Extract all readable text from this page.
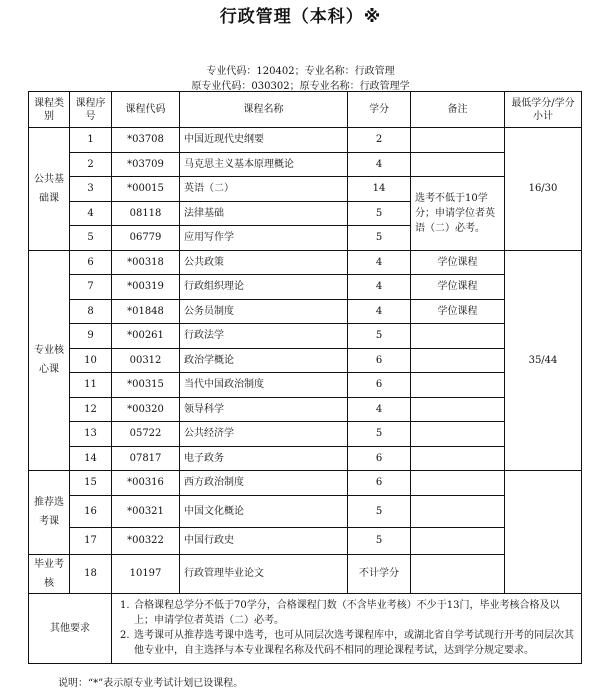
行政管理（本科）※
专业代码：120402；专业名称：行政管理
原专业代码：030302；原专业名称：行政管理学
课程类别	课程序号	课程代码	课程名称	学分	备注	最低学分/学分小计
公共基础课	1	*03708	中国近现代史纲要	2		16/30
	2	*03709	马克思主义基本原理概论	4		
	3	*00015	英语（二）	14	选考不低于10学分；申请学位者英语（二）必考。	
	4	08118	法律基础	5		
	5	06779	应用写作学	5		
专业核心课	6	*00318	公共政策	4	学位课程	35/44
	7	*00319	行政组织理论	4	学位课程	
	8	*01848	公务员制度	4	学位课程	
	9	*00261	行政法学	5		
	10	00312	政治学概论	6		
	11	*00315	当代中国政治制度	6		
	12	*00320	领导科学	4		
	13	05722	公共经济学	5		
	14	07817	电子政务	6		
推荐选考课	15	*00316	西方政治制度	6		
	16	*00321	中国文化概论	5		
	17	*00322	中国行政史	5		
毕业考核	18	10197	行政管理毕业论文	不计学分		
其他要求		1. 合格课程总学分不低于70学分，合格课程门数（不含毕业考核）不少于13门，毕业考核合格及以上；申请学位者英语（二）必考。
2. 选考课可从推荐选考课中选考，也可从同层次选考课程库中，或湖北省自学考试现行开考的同层次其他专业中，自主选择与本专业课程名称及代码不相同的理论课程考试，达到学分规定要求。				
说明：“*”表示原专业考试计划已设课程。
